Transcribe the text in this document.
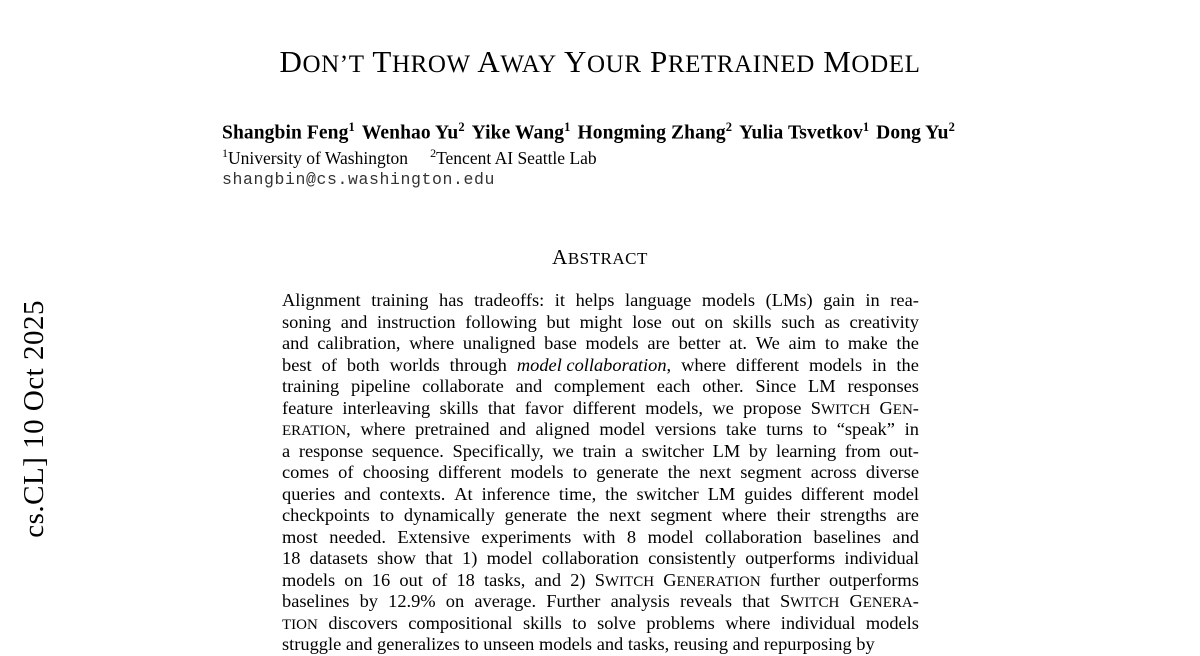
cs.CL] 10 Oct 2025
DON’T THROW AWAY YOUR PRETRAINED MODEL
Shangbin Feng$^1$ Wenhao Yu$^2$ Yike Wang$^1$ Hongming Zhang$^2$ Yulia Tsvetkov$^1$ Dong Yu$^2$
$^1$University of Washington $^2$Tencent AI Seattle Lab
shangbin@cs.washington.edu
ABSTRACT
Alignment training has tradeoffs: it helps language models (LMs) gain in rea-
soning and instruction following but might lose out on skills such as creativity
and calibration, where unaligned base models are better at. We aim to make the
best of both worlds through model collaboration, where different models in the
training pipeline collaborate and complement each other. Since LM responses
feature interleaving skills that favor different models, we propose SWITCH GEN-
ERATION, where pretrained and aligned model versions take turns to “speak” in
a response sequence. Specifically, we train a switcher LM by learning from out-
comes of choosing different models to generate the next segment across diverse
queries and contexts. At inference time, the switcher LM guides different model
checkpoints to dynamically generate the next segment where their strengths are
most needed. Extensive experiments with 8 model collaboration baselines and
18 datasets show that 1) model collaboration consistently outperforms individual
models on 16 out of 18 tasks, and 2) SWITCH GENERATION further outperforms
baselines by 12.9% on average. Further analysis reveals that SWITCH GENERA-
TION discovers compositional skills to solve problems where individual models
struggle and generalizes to unseen models and tasks, reusing and repurposing by
